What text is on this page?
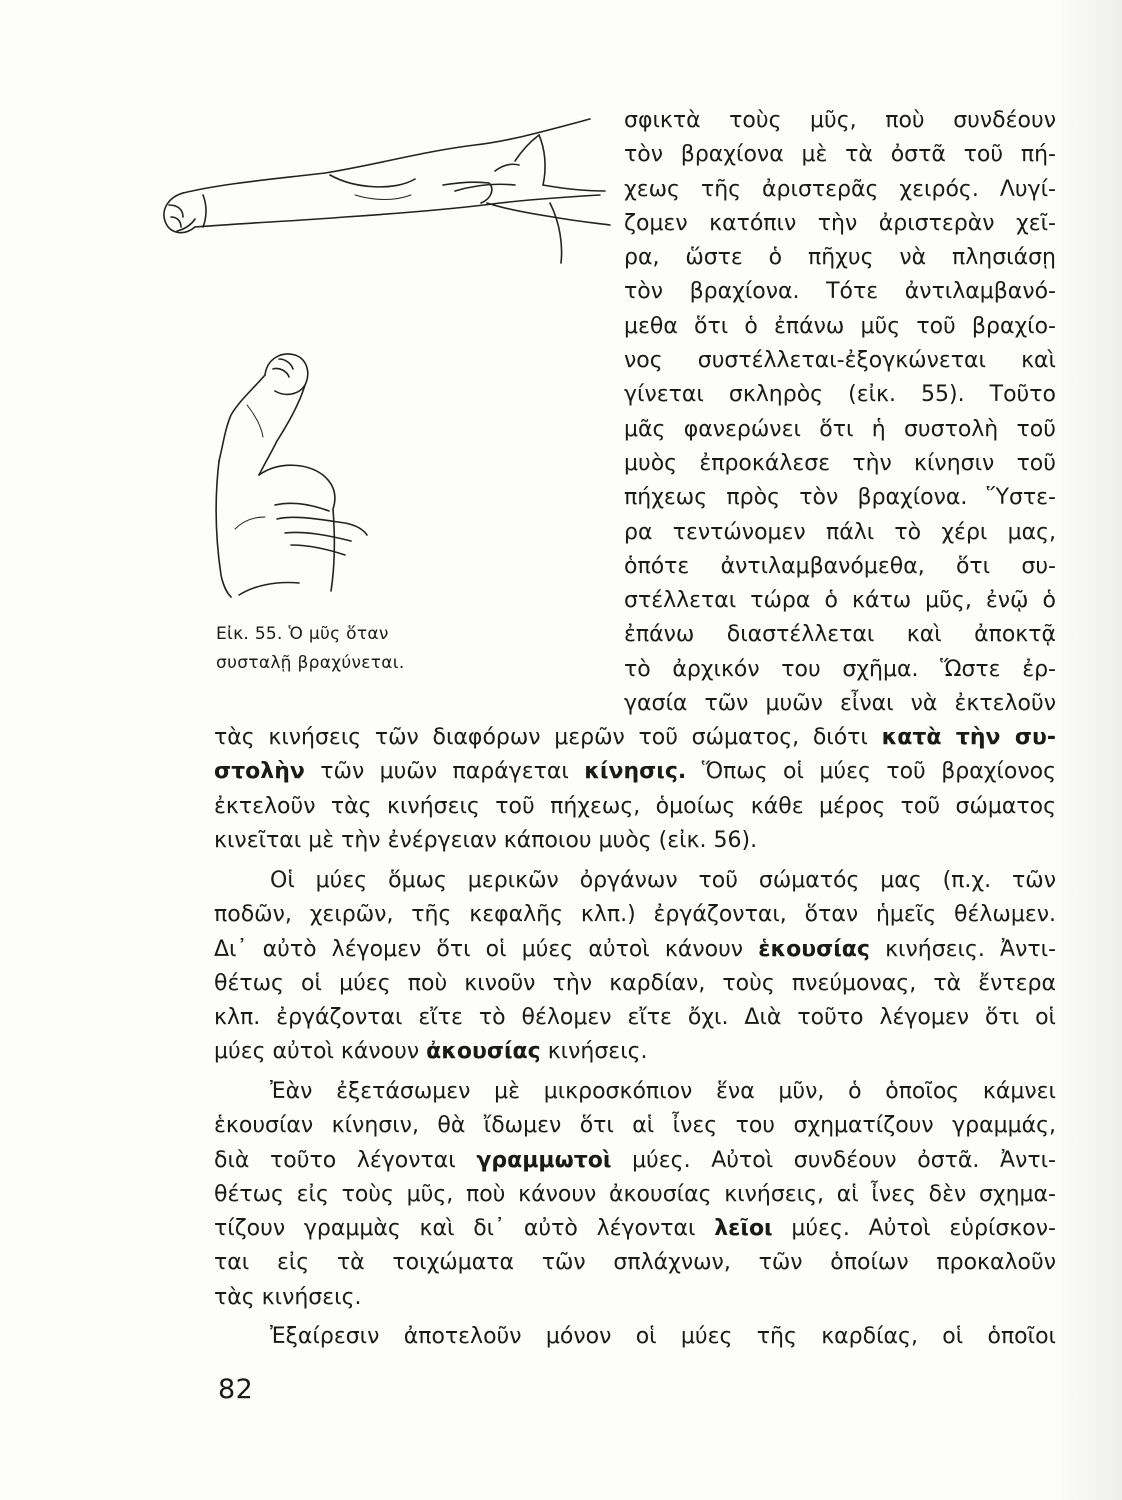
Εἰκ. 55. Ὁ μῦς ὅταν
συσταλῇ βραχύνεται.
σφικτὰ τοὺς μῦς, ποὺ συνδέουν
τὸν βραχίονα μὲ τὰ ὀστᾶ τοῦ πή-
χεως τῆς ἀριστερᾶς χειρός. Λυγί-
ζομεν κατόπιν τὴν ἀριστερὰν χεῖ-
ρα, ὥστε ὁ πῆχυς νὰ πλησιάσῃ
τὸν βραχίονα. Τότε ἀντιλαμβανό-
μεθα ὅτι ὁ ἐπάνω μῦς τοῦ βραχίο-
νος συστέλλεται-ἐξογκώνεται καὶ
γίνεται σκληρὸς (εἰκ. 55). Τοῦτο
μᾶς φανερώνει ὅτι ἡ συστολὴ τοῦ
μυὸς ἐπροκάλεσε τὴν κίνησιν τοῦ
πήχεως πρὸς τὸν βραχίονα. Ὕστε-
ρα τεντώνομεν πάλι τὸ χέρι μας,
ὁπότε ἀντιλαμβανόμεθα, ὅτι συ-
στέλλεται τώρα ὁ κάτω μῦς, ἐνῷ ὁ
ἐπάνω διαστέλλεται καὶ ἀποκτᾷ
τὸ ἀρχικόν του σχῆμα. Ὥστε ἐρ-
γασία τῶν μυῶν εἶναι νὰ ἐκτελοῦν
τὰς κινήσεις τῶν διαφόρων μερῶν τοῦ σώματος, διότι κατὰ τὴν συ-
στολὴν τῶν μυῶν παράγεται κίνησις. Ὅπως οἱ μύες τοῦ βραχίονος
ἐκτελοῦν τὰς κινήσεις τοῦ πήχεως, ὁμοίως κάθε μέρος τοῦ σώματος
κινεῖται μὲ τὴν ἐνέργειαν κάποιου μυὸς (εἰκ. 56).
Οἱ μύες ὅμως μερικῶν ὀργάνων τοῦ σώματός μας (π.χ. τῶν
ποδῶν, χειρῶν, τῆς κεφαλῆς κλπ.) ἐργάζονται, ὅταν ἡμεῖς θέλωμεν.
Δι᾽ αὐτὸ λέγομεν ὅτι οἱ μύες αὐτοὶ κάνουν ἑκουσίας κινήσεις. Ἀντι-
θέτως οἱ μύες ποὺ κινοῦν τὴν καρδίαν, τοὺς πνεύμονας, τὰ ἔντερα
κλπ. ἐργάζονται εἴτε τὸ θέλομεν εἴτε ὄχι. Διὰ τοῦτο λέγομεν ὅτι οἱ
μύες αὐτοὶ κάνουν ἀκουσίας κινήσεις.
Ἐὰν ἐξετάσωμεν μὲ μικροσκόπιον ἕνα μῦν, ὁ ὁποῖος κάμνει
ἑκουσίαν κίνησιν, θὰ ἴδωμεν ὅτι αἱ ἶνες του σχηματίζουν γραμμάς,
διὰ τοῦτο λέγονται γραμμωτοὶ μύες. Αὐτοὶ συνδέουν ὀστᾶ. Ἀντι-
θέτως εἰς τοὺς μῦς, ποὺ κάνουν ἀκουσίας κινήσεις, αἱ ἶνες δὲν σχημα-
τίζουν γραμμὰς καὶ δι᾽ αὐτὸ λέγονται λεῖοι μύες. Αὐτοὶ εὑρίσκον-
ται εἰς τὰ τοιχώματα τῶν σπλάχνων, τῶν ὁποίων προκαλοῦν
τὰς κινήσεις.
Ἐξαίρεσιν ἀποτελοῦν μόνον οἱ μύες τῆς καρδίας, οἱ ὁποῖοι
82
